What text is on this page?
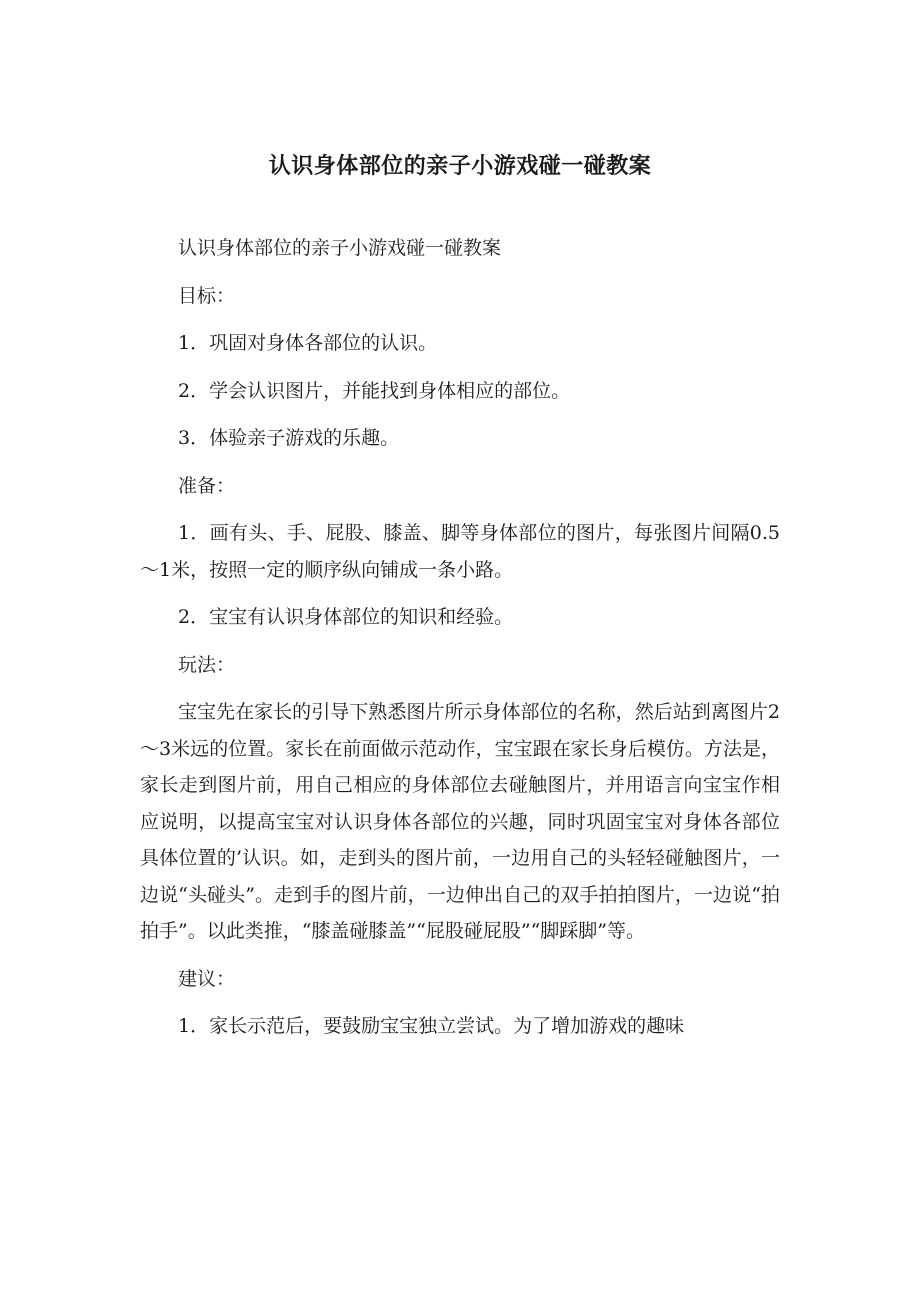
认识身体部位的亲子小游戏碰一碰教案

认识身体部位的亲子小游戏碰一碰教案

目标：

1．巩固对身体各部位的认识。

2．学会认识图片，并能找到身体相应的部位。

3．体验亲子游戏的乐趣。

准备：

1．画有头、手、屁股、膝盖、脚等身体部位的图片，每张图片间隔0.5～1米，按照一定的顺序纵向铺成一条小路。

2．宝宝有认识身体部位的知识和经验。

玩法：

宝宝先在家长的引导下熟悉图片所示身体部位的名称，然后站到离图片2～3米远的位置。家长在前面做示范动作，宝宝跟在家长身后模仿。方法是，家长走到图片前，用自己相应的身体部位去碰触图片，并用语言向宝宝作相应说明，以提高宝宝对认识身体各部位的兴趣，同时巩固宝宝对身体各部位具体位置的’认识。如，走到头的图片前，一边用自己的头轻轻碰触图片，一边说“头碰头”。走到手的图片前，一边伸出自己的双手拍拍图片，一边说“拍拍手”。以此类推，“膝盖碰膝盖”“屁股碰屁股”“脚踩脚”等。

建议：

1．家长示范后，要鼓励宝宝独立尝试。为了增加游戏的趣味
